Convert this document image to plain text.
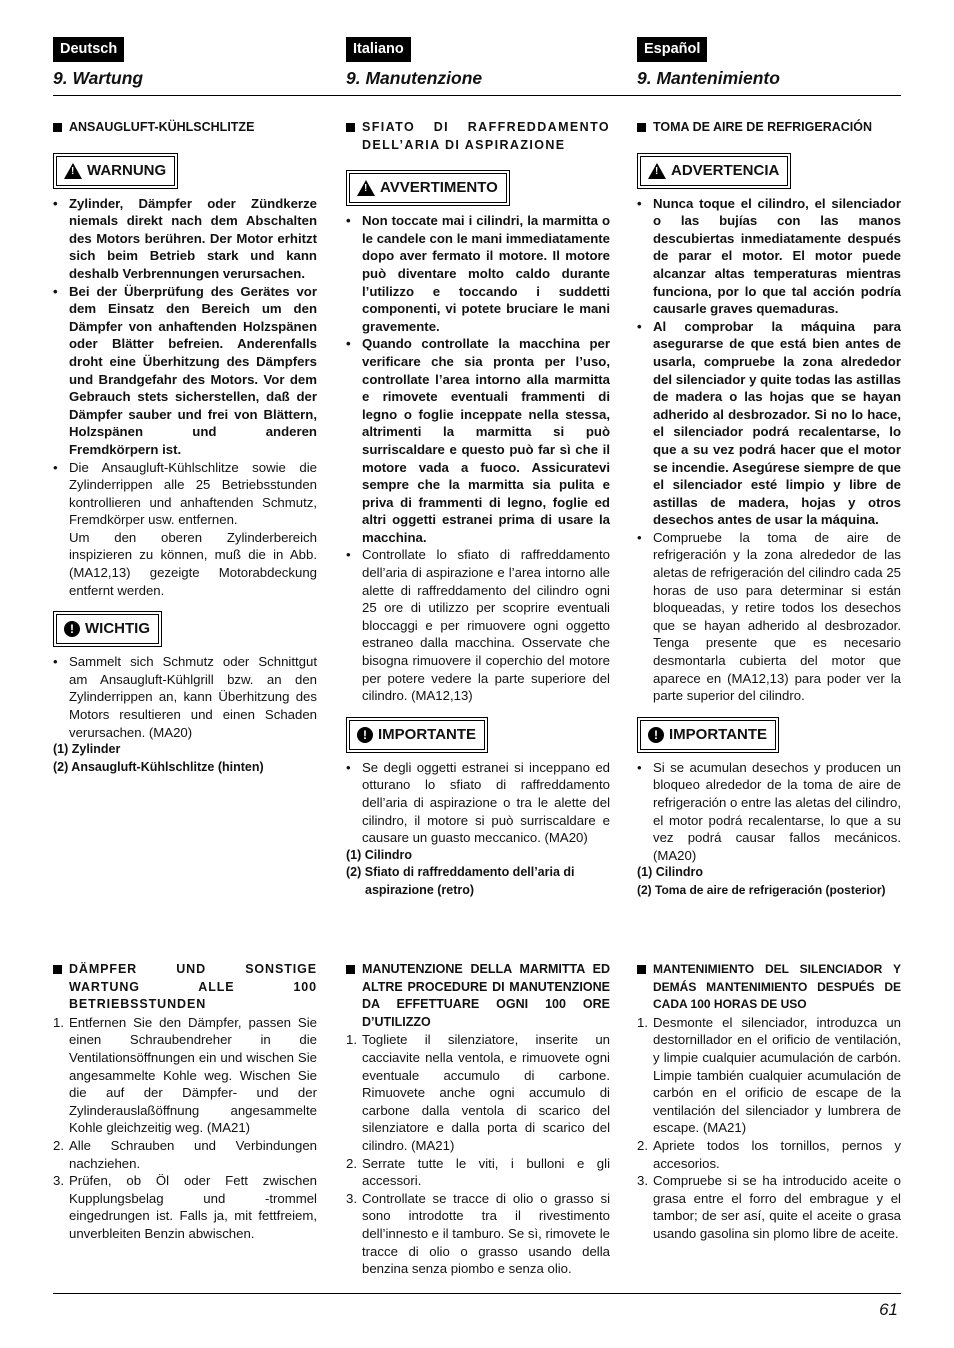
Deutsch
9. Wartung
ANSAUGLUFT-KÜHLSCHLITZE
!
WARNUNG
• Zylinder, Dämpfer oder Zündkerze niemals direkt nach dem Abschalten des Motors berühren. Der Motor erhitzt sich beim Betrieb stark und kann deshalb Verbrennungen verursachen.
• Bei der Überprüfung des Gerätes vor dem Einsatz den Bereich um den Dämpfer von anhaftenden Holzspänen oder Blätter befreien. Anderenfalls droht eine Überhitzung des Dämpfers und Brandgefahr des Motors. Vor dem Gebrauch stets sicherstellen, daß der Dämpfer sauber und frei von Blättern, Holzspänen und anderen Fremdkörpern ist.
• Die Ansaugluft-Kühlschlitze sowie die Zylinderrippen alle 25 Betriebsstunden kontrollieren und anhaftenden Schmutz, Fremdkörper usw. entfernen.
Um den oberen Zylinderbereich inspizieren zu können, muß die in Abb. (MA12,13) gezeigte Motorabdeckung entfernt werden.
! WICHTIG
• Sammelt sich Schmutz oder Schnittgut am Ansaugluft-Kühlgrill bzw. an den Zylinderrippen an, kann Überhitzung des Motors resultieren und einen Schaden verursachen. (MA20)
(1) Zylinder
(2) Ansaugluft-Kühlschlitze (hinten)
DÄMPFER UND SONSTIGE WARTUNG ALLE 100 BETRIEBSSTUNDEN
1. Entfernen Sie den Dämpfer, passen Sie einen Schraubendreher in die Ventilationsöffnungen ein und wischen Sie angesammelte Kohle weg. Wischen Sie die auf der Dämpfer- und der Zylinderauslaßöffnung angesammelte Kohle gleichzeitig weg. (MA21)
2. Alle Schrauben und Verbindungen nachziehen.
3. Prüfen, ob Öl oder Fett zwischen Kupplungsbelag und -trommel eingedrungen ist. Falls ja, mit fettfreiem, unverbleiten Benzin abwischen.
Italiano
9. Manutenzione
SFIATO DI RAFFREDDAMENTO DELL’ARIA DI ASPIRAZIONE
!
AVVERTIMENTO
• Non toccate mai i cilindri, la marmitta o le candele con le mani immediatamente dopo aver fermato il motore. Il motore può diventare molto caldo durante l’utilizzo e toccando i suddetti componenti, vi potete bruciare le mani gravemente.
• Quando controllate la macchina per verificare che sia pronta per l’uso, controllate l’area intorno alla marmitta e rimovete eventuali frammenti di legno o foglie inceppate nella stessa, altrimenti la marmitta si può surriscaldare e questo può far sì che il motore vada a fuoco. Assicuratevi sempre che la marmitta sia pulita e priva di frammenti di legno, foglie ed altri oggetti estranei prima di usare la macchina.
• Controllate lo sfiato di raffreddamento dell’aria di aspirazione e l’area intorno alle alette di raffreddamento del cilindro ogni 25 ore di utilizzo per scoprire eventuali bloccaggi e per rimuovere ogni oggetto estraneo dalla macchina. Osservate che bisogna rimuovere il coperchio del motore per potere vedere la parte superiore del cilindro. (MA12,13)
! IMPORTANTE
• Se degli oggetti estranei si inceppano ed otturano lo sfiato di raffreddamento dell’aria di aspirazione o tra le alette del cilindro, il motore si può surriscaldare e causare un guasto meccanico. (MA20)
(1) Cilindro
(2) Sfiato di raffreddamento dell’aria di aspirazione (retro)
MANUTENZIONE DELLA MARMITTA ED ALTRE PROCEDURE DI MANUTENZIONE DA EFFETTUARE OGNI 100 ORE D’UTILIZZO
1. Togliete il silenziatore, inserite un cacciavite nella ventola, e rimuovete ogni eventuale accumulo di carbone. Rimuovete anche ogni accumulo di carbone dalla ventola di scarico del silenziatore e dalla porta di scarico del cilindro. (MA21)
2. Serrate tutte le viti, i bulloni e gli accessori.
3. Controllate se tracce di olio o grasso si sono introdotte tra il rivestimento dell’innesto e il tamburo. Se sì, rimovete le tracce di olio o grasso usando della benzina senza piombo e senza olio.
Español
9. Mantenimiento
TOMA DE AIRE DE REFRIGERACIÓN
!
ADVERTENCIA
• Nunca toque el cilindro, el silenciador o las bujías con las manos descubiertas inmediatamente después de parar el motor. El motor puede alcanzar altas temperaturas mientras funciona, por lo que tal acción podría causarle graves quemaduras.
• Al comprobar la máquina para asegurarse de que está bien antes de usarla, compruebe la zona alrededor del silenciador y quite todas las astillas de madera o las hojas que se hayan adherido al desbrozador. Si no lo hace, el silenciador podrá recalentarse, lo que a su vez podrá hacer que el motor se incendie. Asegúrese siempre de que el silenciador esté limpio y libre de astillas de madera, hojas y otros desechos antes de usar la máquina.
• Compruebe la toma de aire de refrigeración y la zona alrededor de las aletas de refrigeración del cilindro cada 25 horas de uso para determinar si están bloqueadas, y retire todos los desechos que se hayan adherido al desbrozador. Tenga presente que es necesario desmontarla cubierta del motor que aparece en (MA12,13) para poder ver la parte superior del cilindro.
! IMPORTANTE
• Si se acumulan desechos y producen un bloqueo alrededor de la toma de aire de refrigeración o entre las aletas del cilindro, el motor podrá recalentarse, lo que a su vez podrá causar fallos mecánicos. (MA20)
(1) Cilindro
(2) Toma de aire de refrigeración (posterior)
MANTENIMIENTO DEL SILENCIADOR Y DEMÁS MANTENIMIENTO DESPUÉS DE CADA 100 HORAS DE USO
1. Desmonte el silenciador, introduzca un destornillador en el orificio de ventilación, y limpie cualquier acumulación de carbón. Limpie también cualquier acumulación de carbón en el orificio de escape de la ventilación del silenciador y lumbrera de escape. (MA21)
2. Apriete todos los tornillos, pernos y accesorios.
3. Compruebe si se ha introducido aceite o grasa entre el forro del embrague y el tambor; de ser así, quite el aceite o grasa usando gasolina sin plomo libre de aceite.
61
